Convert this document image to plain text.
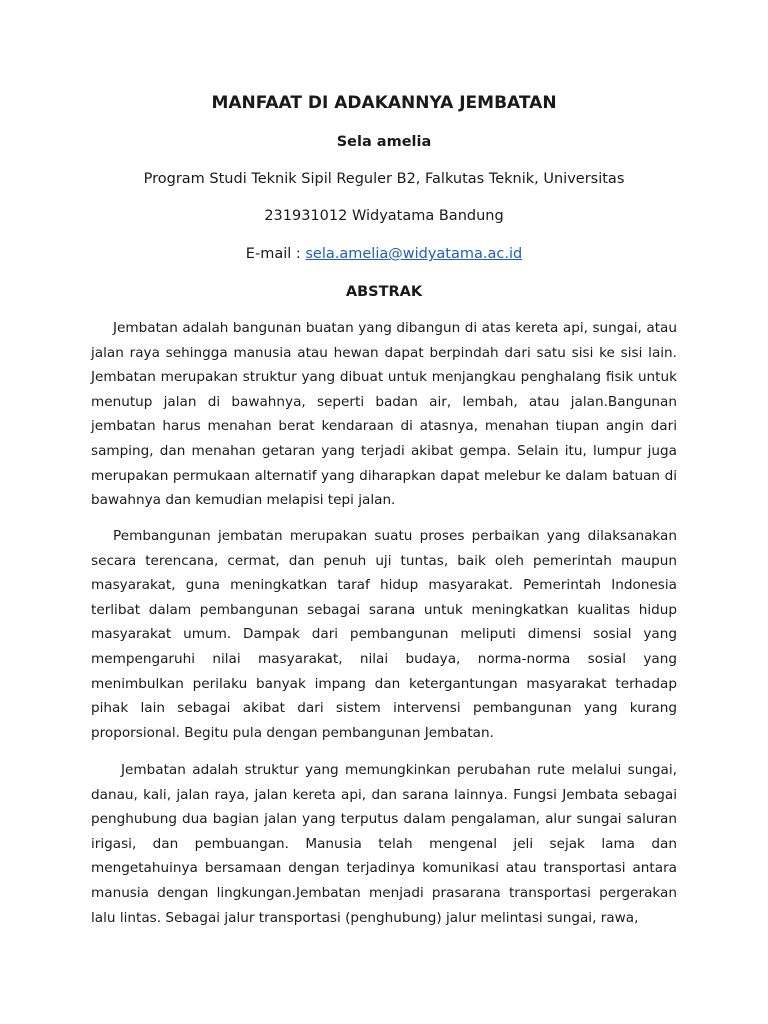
MANFAAT DI ADAKANNYA JEMBATAN
Sela amelia
Program Studi Teknik Sipil Reguler B2, Falkutas Teknik, Universitas
231931012 Widyatama Bandung
E-mail : sela.amelia@widyatama.ac.id
ABSTRAK

Jembatan adalah bangunan buatan yang dibangun di atas kereta api, sungai, atau jalan raya sehingga manusia atau hewan dapat berpindah dari satu sisi ke sisi lain. Jembatan merupakan struktur yang dibuat untuk menjangkau penghalang fisik untuk menutup jalan di bawahnya, seperti badan air, lembah, atau jalan.Bangunan jembatan harus menahan berat kendaraan di atasnya, menahan tiupan angin dari samping, dan menahan getaran yang terjadi akibat gempa. Selain itu, lumpur juga merupakan permukaan alternatif yang diharapkan dapat melebur ke dalam batuan di bawahnya dan kemudian melapisi tepi jalan.

Pembangunan jembatan merupakan suatu proses perbaikan yang dilaksanakan secara terencana, cermat, dan penuh uji tuntas, baik oleh pemerintah maupun masyarakat, guna meningkatkan taraf hidup masyarakat. Pemerintah Indonesia terlibat dalam pembangunan sebagai sarana untuk meningkatkan kualitas hidup masyarakat umum. Dampak dari pembangunan meliputi dimensi sosial yang mempengaruhi nilai masyarakat, nilai budaya, norma-norma sosial yang menimbulkan perilaku banyak impang dan ketergantungan masyarakat terhadap pihak lain sebagai akibat dari sistem intervensi pembangunan yang kurang proporsional. Begitu pula dengan pembangunan Jembatan.

Jembatan adalah struktur yang memungkinkan perubahan rute melalui sungai, danau, kali, jalan raya, jalan kereta api, dan sarana lainnya. Fungsi Jembata sebagai penghubung dua bagian jalan yang terputus dalam pengalaman, alur sungai saluran irigasi, dan pembuangan. Manusia telah mengenal jeli sejak lama dan mengetahuinya bersamaan dengan terjadinya komunikasi atau transportasi antara manusia dengan lingkungan.Jembatan menjadi prasarana transportasi pergerakan lalu lintas. Sebagai jalur transportasi (penghubung) jalur melintasi sungai, rawa,
